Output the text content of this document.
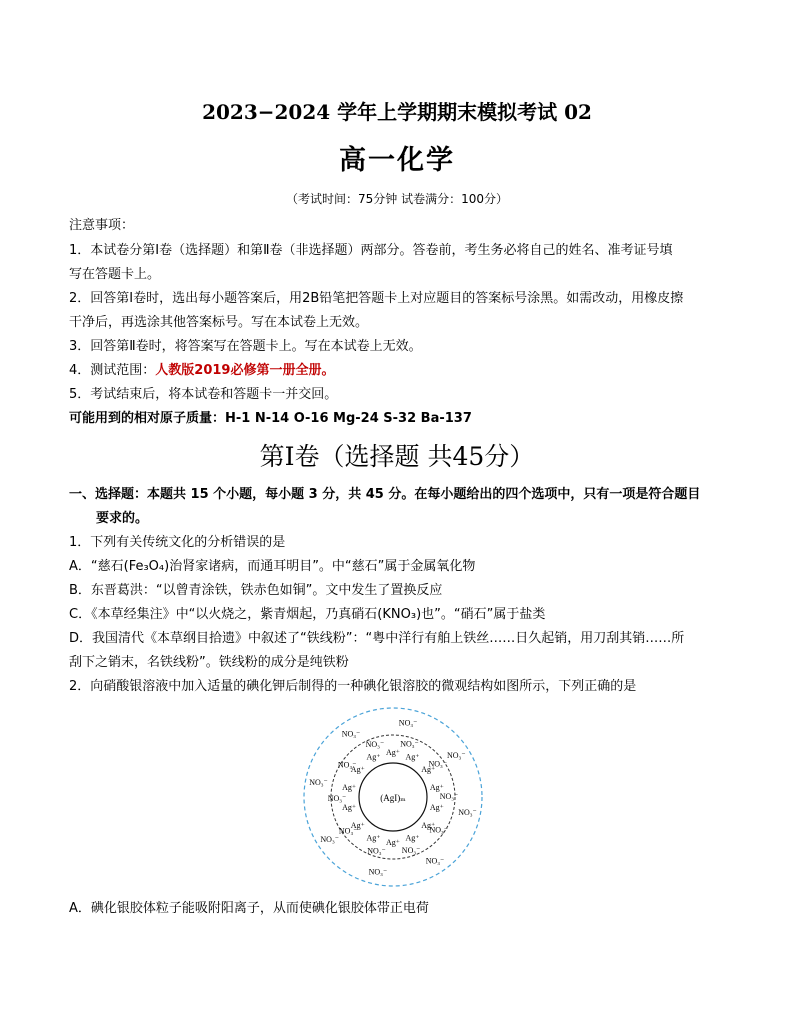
2023−2024 学年上学期期末模拟考试 02
高一化学
（考试时间：75分钟 试卷满分：100分）
注意事项：
1．本试卷分第Ⅰ卷（选择题）和第Ⅱ卷（非选择题）两部分。答卷前，考生务必将自己的姓名、准考证号填
写在答题卡上。
2．回答第Ⅰ卷时，选出每小题答案后，用2B铅笔把答题卡上对应题目的答案标号涂黑。如需改动，用橡皮擦
干净后，再选涂其他答案标号。写在本试卷上无效。
3．回答第Ⅱ卷时，将答案写在答题卡上。写在本试卷上无效。
4．测试范围：人教版2019必修第一册全册。
5．考试结束后，将本试卷和答题卡一并交回。
可能用到的相对原子质量：H-1 N-14 O-16 Mg-24 S-32 Ba-137
第Ⅰ卷（选择题 共45分）
一、选择题：本题共 15 个小题，每小题 3 分，共 45 分。在每小题给出的四个选项中，只有一项是符合题目
要求的。
1．下列有关传统文化的分析错误的是
A．“慈石(Fe₃O₄)治肾家诸病，而通耳明目”。中“慈石”属于金属氧化物
B．东晋葛洪：“以曾青涂铁，铁赤色如铜”。文中发生了置换反应
C．《本草经集注》中“以火烧之，紫青烟起，乃真硝石(KNO₃)也”。“硝石”属于盐类
D．我国清代《本草纲目拾遗》中叙述了“铁线粉”：“粤中洋行有舶上铁丝……日久起销，用刀刮其销……所
刮下之销末，名铁线粉”。铁线粉的成分是纯铁粉
2．向硝酸银溶液中加入适量的碘化钾后制得的一种碘化银溶胶的微观结构如图所示，下列正确的是
(AgI)ₘ
Ag⁺ Ag⁺
Ag⁺
Ag⁺
Ag⁺
Ag⁺
Ag⁺
Ag⁺
Ag⁺
Ag⁺
Ag⁺
Ag⁺
Ag⁺
Ag⁺
NO₃⁻
NO₃⁻
NO₃⁻
NO₃⁻
NO₃⁻
NO₃⁻
NO₃⁻
NO₃⁻
NO₃⁻
NO₃⁻
NO₃⁻
NO₃⁻
NO₃⁻
NO₃⁻
NO₃⁻
NO₃⁻
NO₃⁻
NO₃⁻
A．碘化银胶体粒子能吸附阳离子，从而使碘化银胶体带正电荷
